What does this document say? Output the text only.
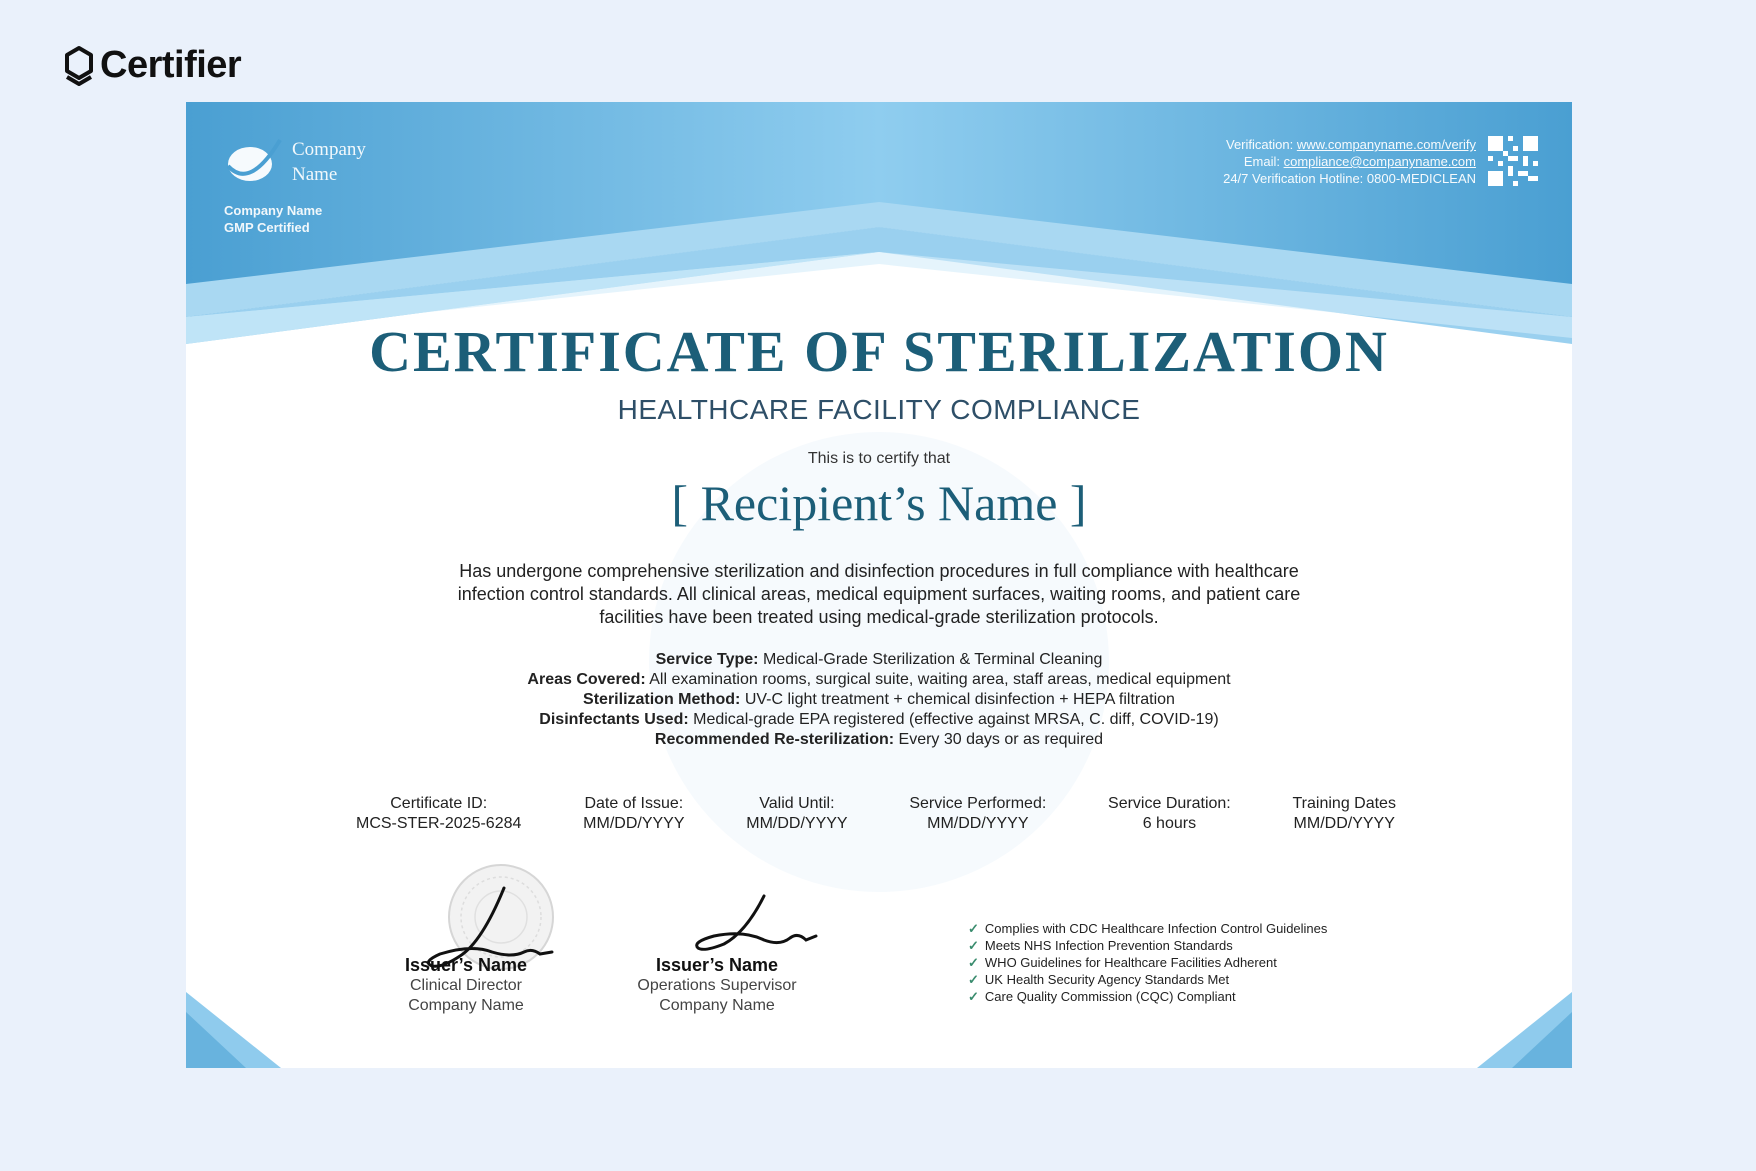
Certifier
Company
Name
Company Name
GMP Certified
Verification: www.companyname.com/verify
Email: compliance@companyname.com
24/7 Verification Hotline: 0800-MEDICLEAN
CERTIFICATE OF STERILIZATION
HEALTHCARE FACILITY COMPLIANCE
This is to certify that
[ Recipient’s Name ]
Has undergone comprehensive sterilization and disinfection procedures in full compliance with healthcare infection control standards. All clinical areas, medical equipment surfaces, waiting rooms, and patient care facilities have been treated using medical-grade sterilization protocols.
Service Type: Medical-Grade Sterilization & Terminal Cleaning
Areas Covered: All examination rooms, surgical suite, waiting area, staff areas, medical equipment
Sterilization Method: UV-C light treatment + chemical disinfection + HEPA filtration
Disinfectants Used: Medical-grade EPA registered (effective against MRSA, C. diff, COVID-19)
Recommended Re-sterilization: Every 30 days or as required
Certificate ID:
MCS-STER-2025-6284
Date of Issue:
MM/DD/YYYY
Valid Until:
MM/DD/YYYY
Service Performed:
MM/DD/YYYY
Service Duration:
6 hours
Training Dates
MM/DD/YYYY
Issuer’s Name
Clinical Director
Company Name
Issuer’s Name
Operations Supervisor
Company Name
✓ Complies with CDC Healthcare Infection Control Guidelines
✓ Meets NHS Infection Prevention Standards
✓ WHO Guidelines for Healthcare Facilities Adherent
✓ UK Health Security Agency Standards Met
✓ Care Quality Commission (CQC) Compliant
